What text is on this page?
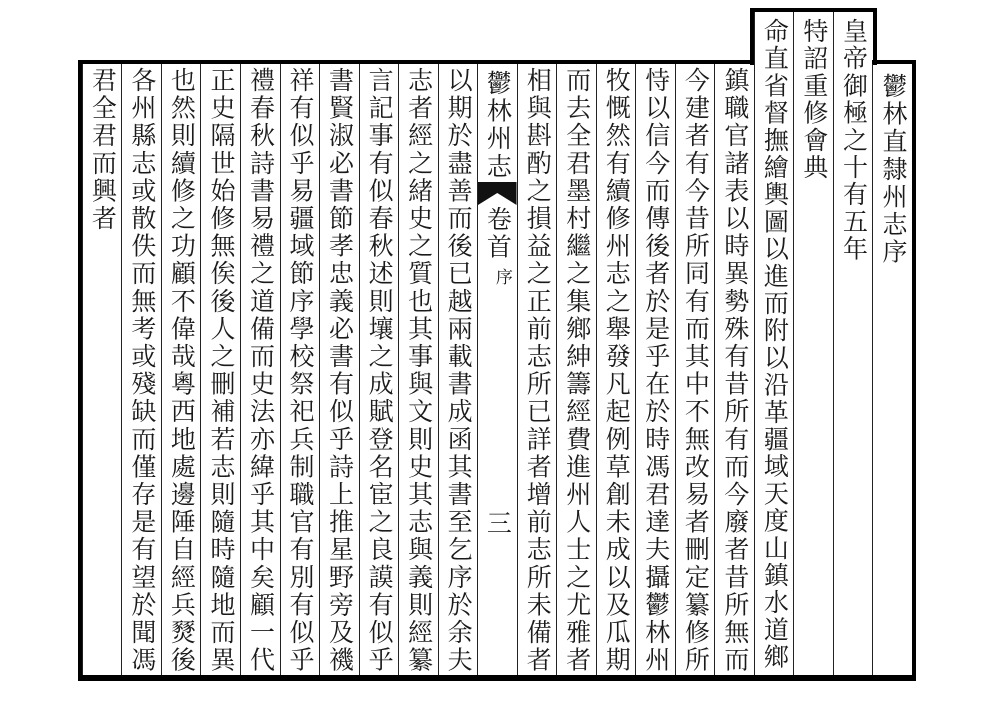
鬱林直隸州志序
皇帝御極之十有五年
特詔重修會典
命直省督撫繪輿圖以進而附以沿革疆域天度山鎮水道鄉
鎮職官諸表以時異勢殊有昔所有而今廢者昔所無而
今建者有今昔所同有而其中不無改易者刪定纂修所
恃以信今而傳後者於是乎在於時馮君達夫攝鬱林州
牧慨然有續修州志之舉發凡起例草創未成以及瓜期
而去全君墨村繼之集鄉紳籌經費進州人士之尤雅者
相與斟酌之損益之正前志所已詳者增前志所未備者
鬱林州志
卷首
序
三
以期於盡善而後已越兩載書成函其書至乞序於余夫
志者經之緒史之質也其事與文則史其志與義則經纂
言記事有似春秋述則壤之成賦登名宦之良謨有似乎
書賢淑必書節孝忠義必書有似乎詩上推星野旁及禨
祥有似乎易疆域節序學校祭祀兵制職官有別有似乎
禮春秋詩書易禮之道備而史法亦緯乎其中矣顧一代
正史隔世始修無俟後人之刪補若志則隨時隨地而異
也然則續修之功顧不偉哉粵西地處邊陲自經兵燹後
各州縣志或散佚而無考或殘缺而僅存是有望於聞馮
君全君而興者
